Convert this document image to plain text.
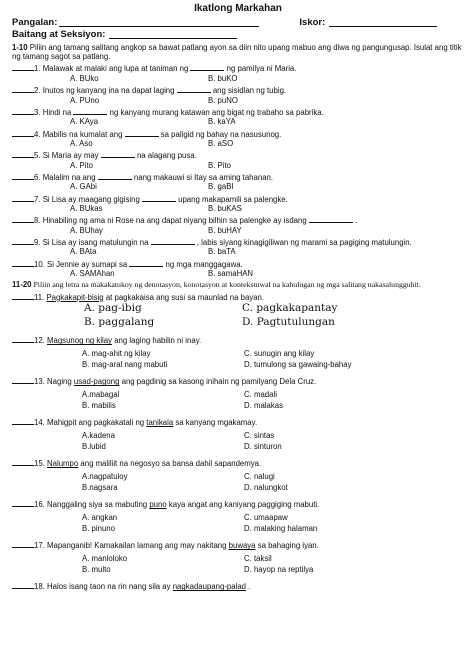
Ikatlong Markahan
Pangalan:	Iskor:
Baitang at Seksiyon:
1-10 Piliin ang tamang salitang angkop sa bawat patlang ayon sa diin nito upang mabuo ang diwa ng pangungusap. Isulat ang titik ng tamang sagot sa patlang.
1. Malawak at malaki ang lupa at taniman ng	ng pamilya ni Maria.
A. BUko	B. buKO
2. Inutos ng kanyang ina na dapat laging	ang sisidlan ng tubig.
A. PUno	B. puNO
3. Hindi na	ng kanyang murang katawan ang bigat ng trabaho sa pabrika.
A. KAya	B. kaYA
4. Mabilis na kumalat ang	sa paligid ng bahay na nasusunog.
A. Aso	B. aSO
5. Si Maria ay may	na alagang pusa.
A. Pito	B. Pito
6. Malalim na ang	nang makauwi si Itay sa aming tahanan.
A. GAbi	B. gaBI
7. Si Lisa ay maagang gigising	upang makapamili sa palengke.
A. BUkas	B. buKAS
8. Hinabiling ng ama ni Rose na ang dapat niyang bilhin sa palengke ay isdang	.
A. BUhay	B. buHAY
9. Si Lisa ay isang matulungin na	, labis siyang kinagigiliwan ng marami sa pagiging matulungin.
A. BAta	B. baTA
10. Si Jennie ay sumapi sa	ng mga manggagawa.
A. SAMAhan	B. samaHAN
11-20 Piliin ang letra na makakatukoy ng denotasyon, konotasyon at kontekstuwal na kahulugan ng mga salitang nakasalungguhit.
11. Pagkakapit-bisig at pagkakaisa ang susi sa maunlad na bayan.
A. pag-ibig	C. pagkakapantay
B. paggalang	D. Pagtutulungan
12. Magsunog ng kilay ang laging habilin ni inay.
A. mag-ahit ng kilay	C. sunugin ang kilay
B. mag-aral nang mabuti	D. tumulong sa gawaing-bahay
13. Naging usad-pagong ang pagdinig sa kasong inihain ng pamilyang Dela Cruz.
A.mabagal	C. madali
B. mabilis	D. malakas
14. Mahigpit ang pagkakatali ng tanikala sa kanyang mgakamay.
A.kadena	C. sintas
B.lubid	D. sinturon
15. Nalumpo ang maliliit na negosyo sa bansa dahil sapandemya.
A.nagpatuloy	C. nalugi
B.nagsara	D. nalungkot
16. Nanggaling siya sa mabuting puno kaya angat ang kaniyang paggiging mabuti.
A. angkan	C. umaapaw
B. pinuno	D. malaking halaman
17. Mapanganib! Kamakailan lamang ang may nakitang buwaya sa bahaging iyan.
A. manloloko	C. taksil
B. multo	D. hayop na reptilya
18. Halos isang taon na rin nang sila ay nagkadaupang-palad .
